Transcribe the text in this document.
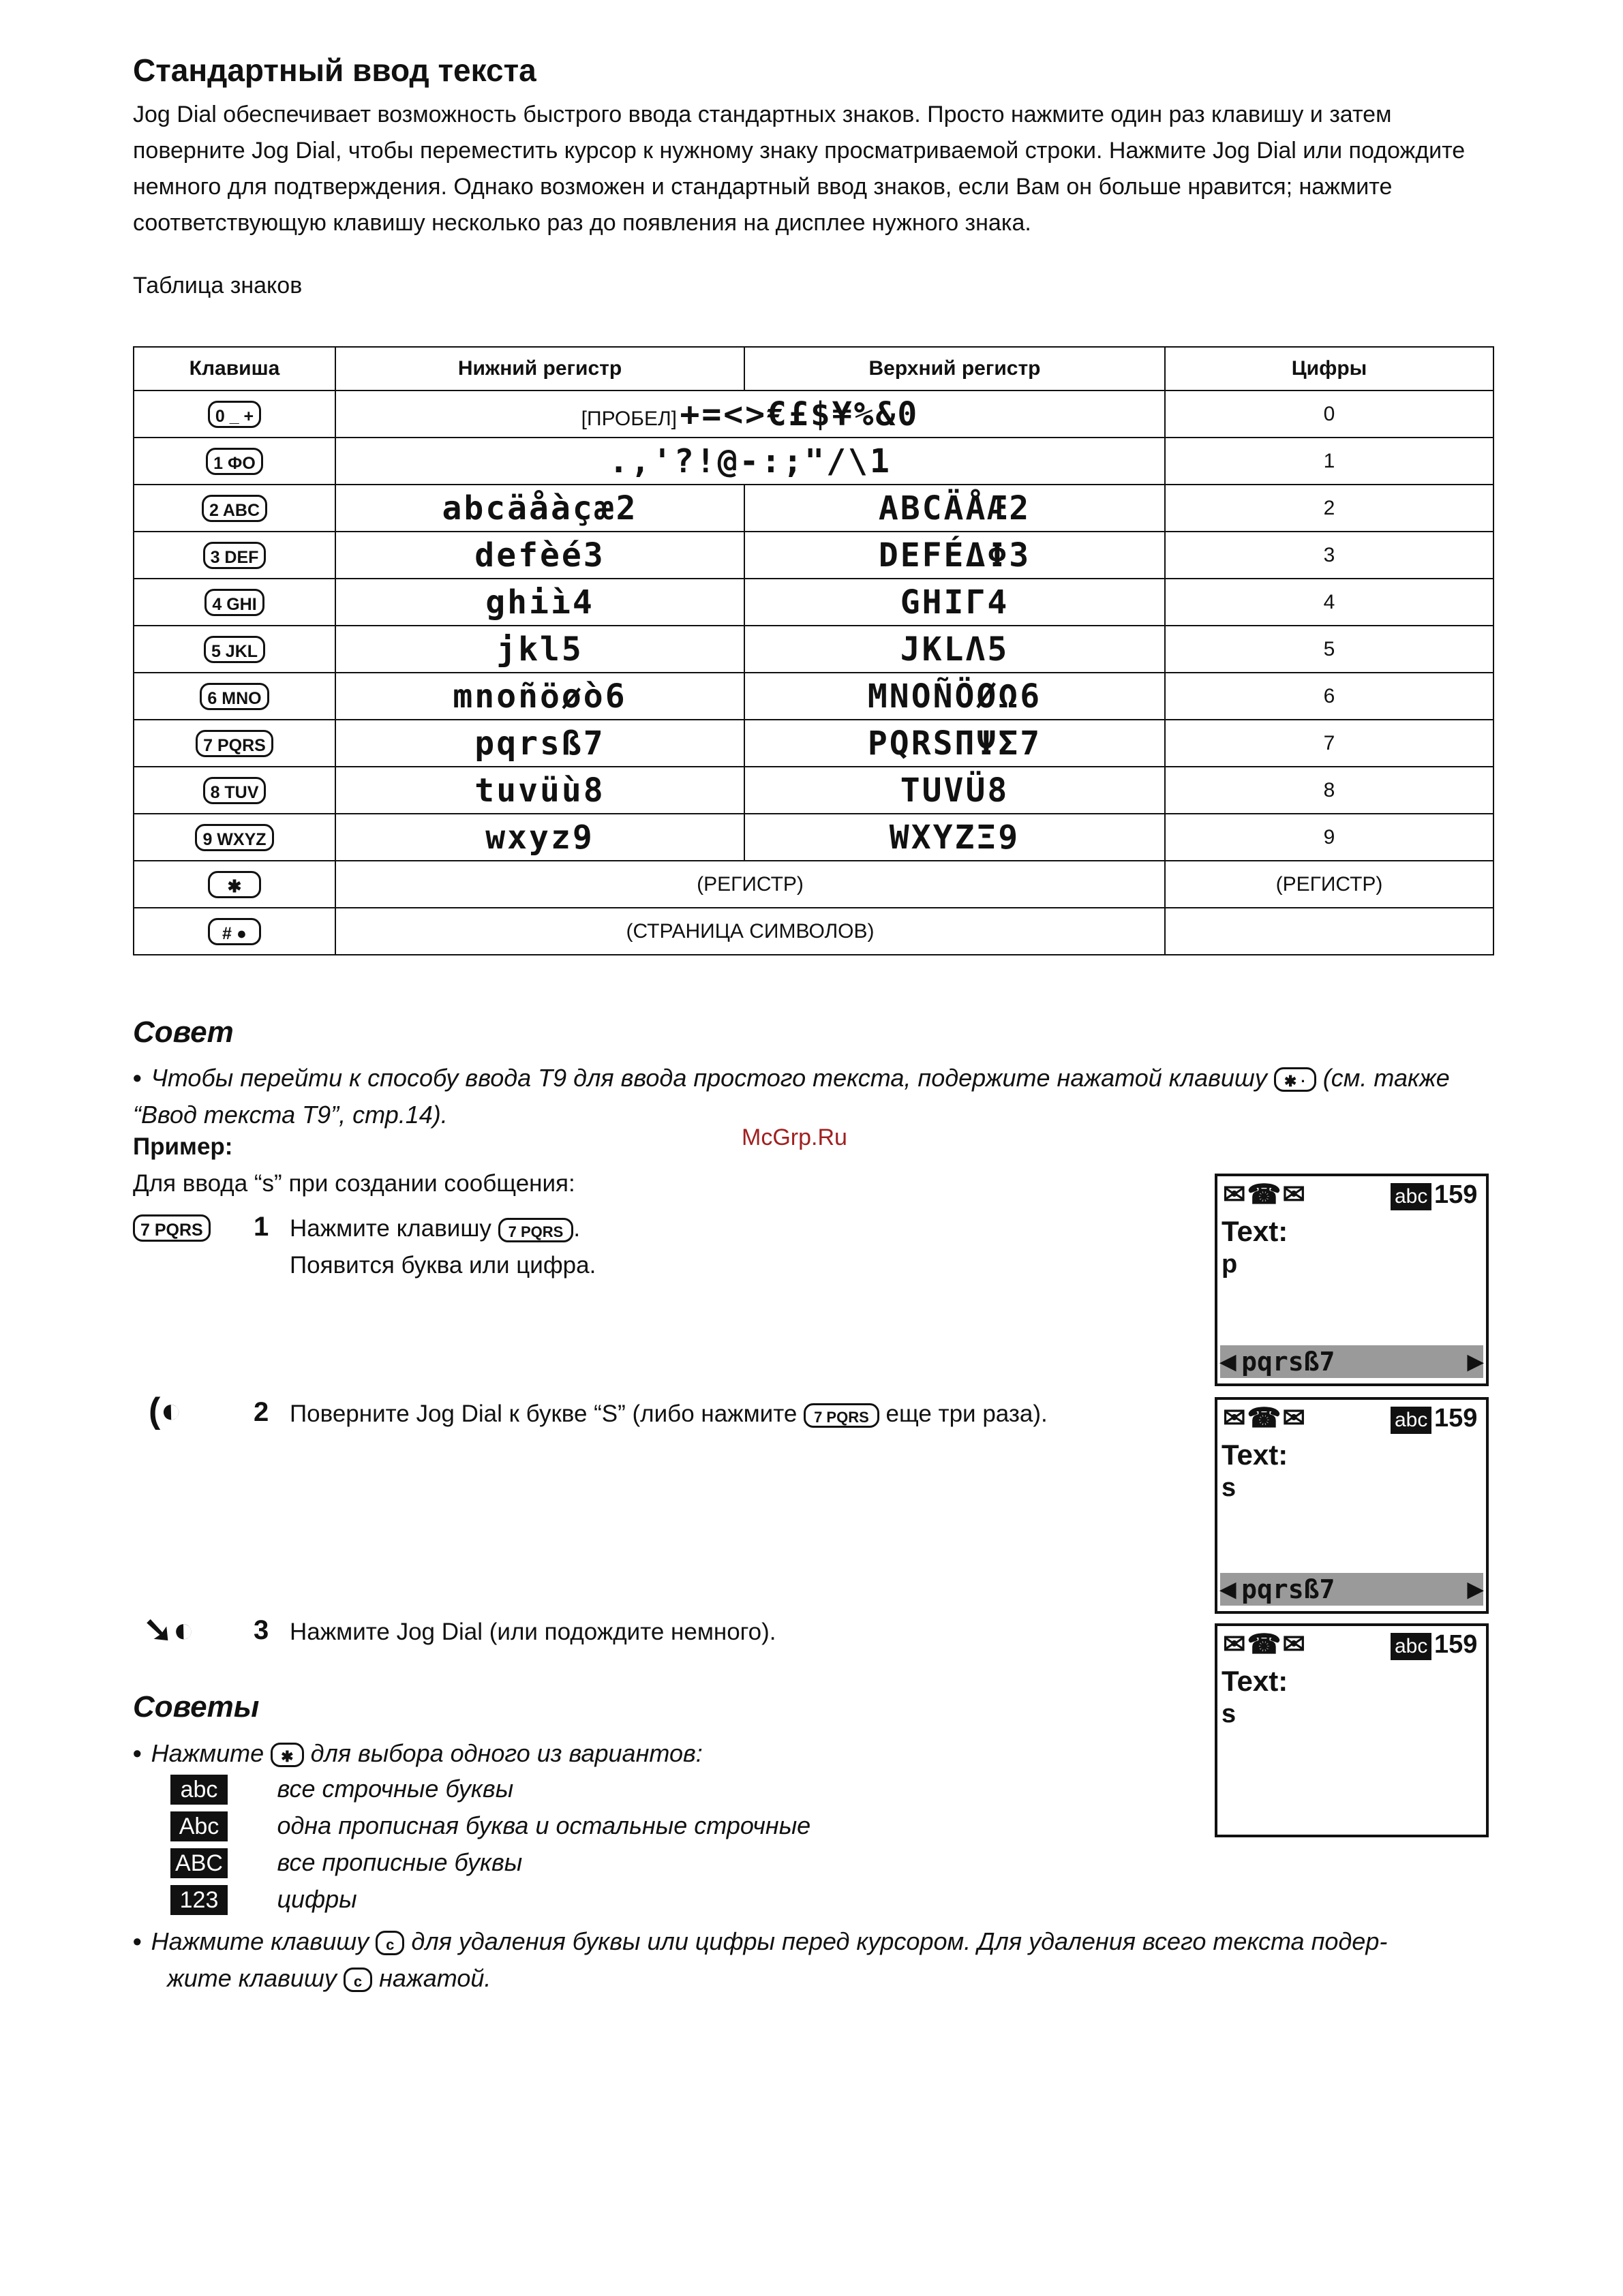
Стандартный ввод текста

Jog Dial обеспечивает возможность быстрого ввода стандартных знаков. Просто нажмите один раз клавишу и затем поверните Jog Dial, чтобы переместить курсор к нужному знаку просматриваемой строки. Нажмите Jog Dial или подождите немного для подтверждения. Однако возможен и стандартный ввод знаков, если Вам он больше нравится; нажмите соответствующую клавишу несколько раз до появления на дисплее нужного знака.

Таблица знаков
Клавиша	Нижний регистр	Верхний регистр	Цифры
0 _ +	[ПРОБЕЛ] +=<>€£$¥%&0		0
1 ФО	.,'?!@-:;"/\1		1
2 ABC	abcäåàçæ2	ABCÄÅÆ2	2
3 DEF	defèé3	DEFÉΔΦ3	3
4 GHI	ghiì4	GHIΓ4	4
5 JKL	jkl5	JKLΛ5	5
6 MNO	mnoñöøò6	MNOÑÖØΩ6	6
7 PQRS	pqrsß7	PQRSΠΨΣ7	7
8 TUV	tuvüù8	TUVÜ8	8
9 WXYZ	wxyz9	WXYZΞ9	9
✱	(РЕГИСТР)		(РЕГИСТР)
# ●	(СТРАНИЦА СИМВОЛОВ)		
Совет
• Чтобы перейти к способу ввода T9 для ввода простого текста, подержите нажатой клавишу ✱ · (см. также “Ввод текста T9”, стр.14).
McGrp.Ru
Пример:
Для ввода “s” при создании сообщения:
7 PQRS 1 Нажмите клавишу 7 PQRS .
Появится буква или цифра.
(◐	2 Поверните Jog Dial к букве “S” (либо нажмите 7 PQRS еще три раза).
➘◐ 3 Нажмите Jog Dial (или подождите немного).
✉☎✉	abc 159
Text:
p
◀ pqrsß7	▶
✉☎✉	abc 159
Text:
s
◀ pqrsß7	▶
✉☎✉	abc 159
Text:
s
Советы
• Нажмите ✱ для выбора одного из вариантов:
abc все строчные буквы
Abc одна прописная буква и остальные строчные
ABC все прописные буквы
123 цифры
• Нажмите клавишу c для удаления буквы или цифры перед курсором. Для удаления всего текста подер-
жите клавишу c нажатой.
